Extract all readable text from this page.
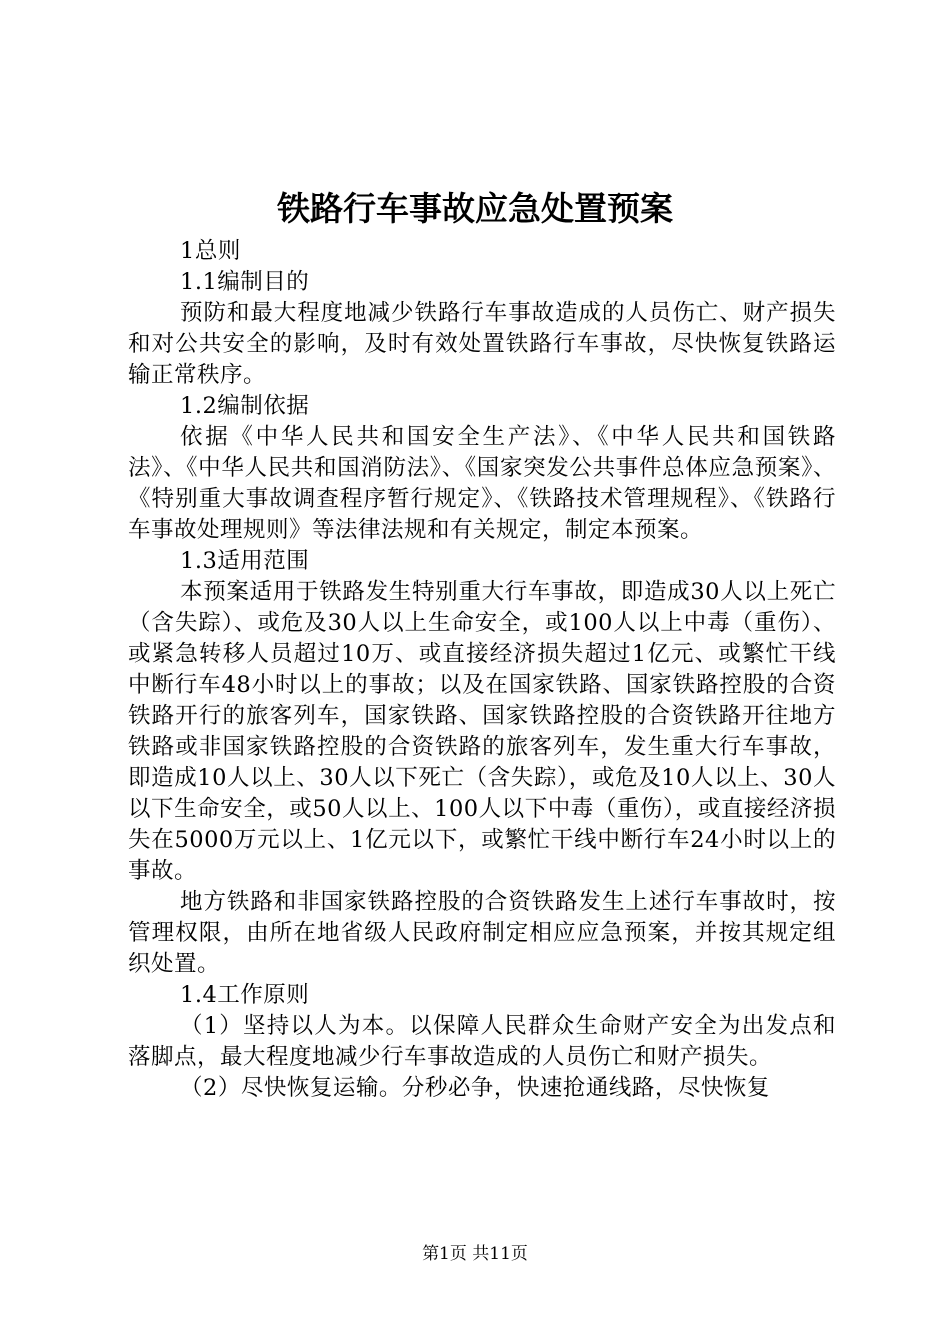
铁路行车事故应急处置预案

1总则

1.1编制目的

预防和最大程度地减少铁路行车事故造成的人员伤亡、财产损失和对公共安全的影响，及时有效处置铁路行车事故，尽快恢复铁路运输正常秩序。

1.2编制依据

依据《中华人民共和国安全生产法》、《中华人民共和国铁路法》、《中华人民共和国消防法》、《国家突发公共事件总体应急预案》、《特别重大事故调查程序暂行规定》、《铁路技术管理规程》、《铁路行车事故处理规则》等法律法规和有关规定，制定本预案。

1.3适用范围

本预案适用于铁路发生特别重大行车事故，即造成30人以上死亡（含失踪）、或危及30人以上生命安全，或100人以上中毒（重伤）、或紧急转移人员超过10万、或直接经济损失超过1亿元、或繁忙干线中断行车48小时以上的事故；以及在国家铁路、国家铁路控股的合资铁路开行的旅客列车，国家铁路、国家铁路控股的合资铁路开往地方铁路或非国家铁路控股的合资铁路的旅客列车，发生重大行车事故，即造成10人以上、30人以下死亡（含失踪），或危及10人以上、30人以下生命安全，或50人以上、100人以下中毒（重伤），或直接经济损失在5000万元以上、1亿元以下，或繁忙干线中断行车24小时以上的事故。

地方铁路和非国家铁路控股的合资铁路发生上述行车事故时，按管理权限，由所在地省级人民政府制定相应应急预案，并按其规定组织处置。

1.4工作原则

（1）坚持以人为本。以保障人民群众生命财产安全为出发点和落脚点，最大程度地减少行车事故造成的人员伤亡和财产损失。

（2）尽快恢复运输。分秒必争，快速抢通线路，尽快恢复

第1页 共11页
